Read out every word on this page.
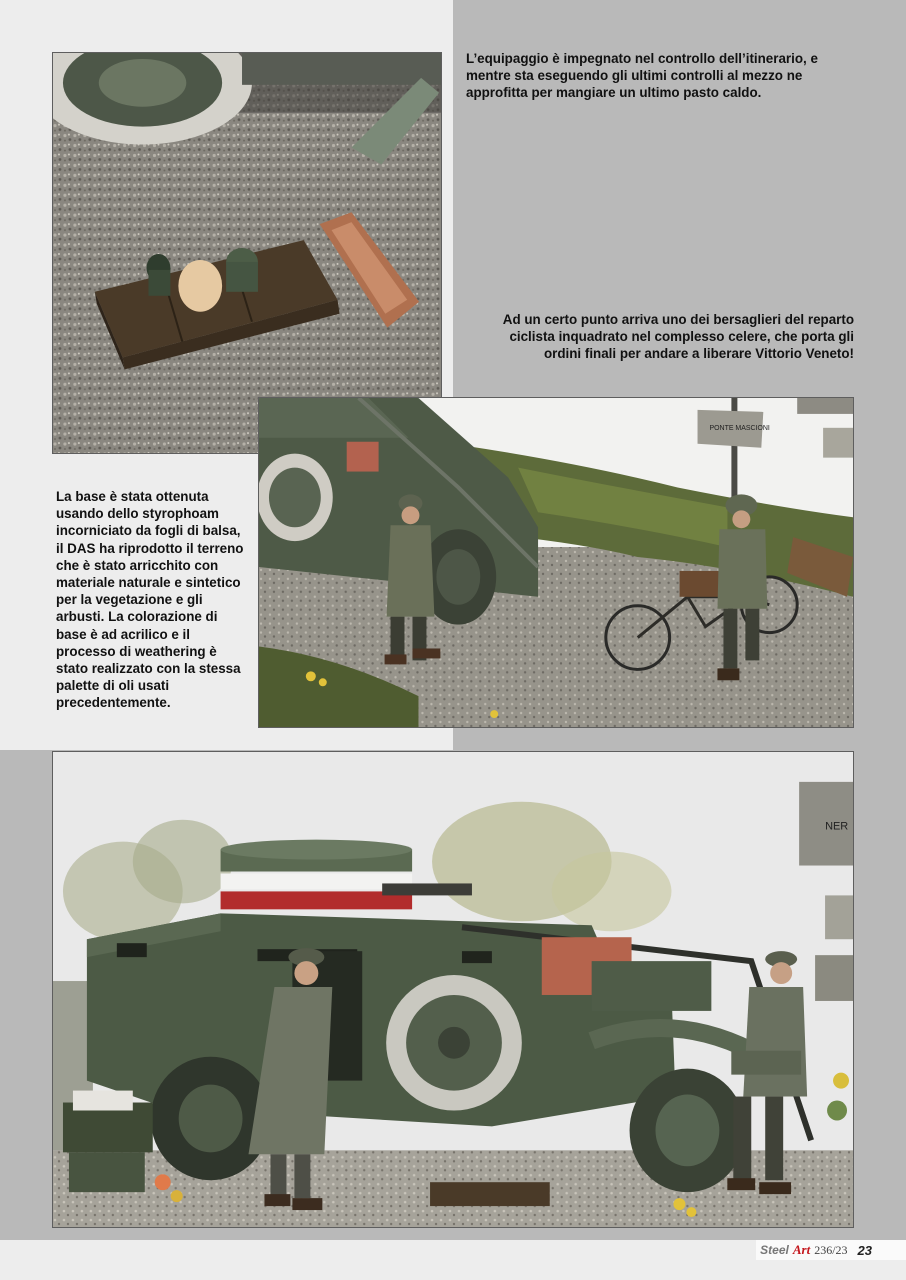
L’equipaggio è impegnato nel controllo dell’itinerario, e mentre sta eseguendo gli ultimi controlli al mezzo ne approfitta per mangiare un ultimo pasto caldo.

Ad un certo punto arriva uno dei bersaglieri del reparto ciclista inquadrato nel complesso celere, che porta gli ordini finali per andare a liberare Vittorio Veneto!

La base è stata ottenuta usando dello styrophoam incorniciato da fogli di balsa, il DAS ha riprodotto il terreno che è stato arricchito con materiale naturale e sintetico per la vegetazione e gli arbusti. La colorazione di base è ad acrilico e il processo di weathering è stato realizzato con la stessa palette di oli usati precedentemente.

PONTE MASCIONI
NER
Steel Art 236/23 23
